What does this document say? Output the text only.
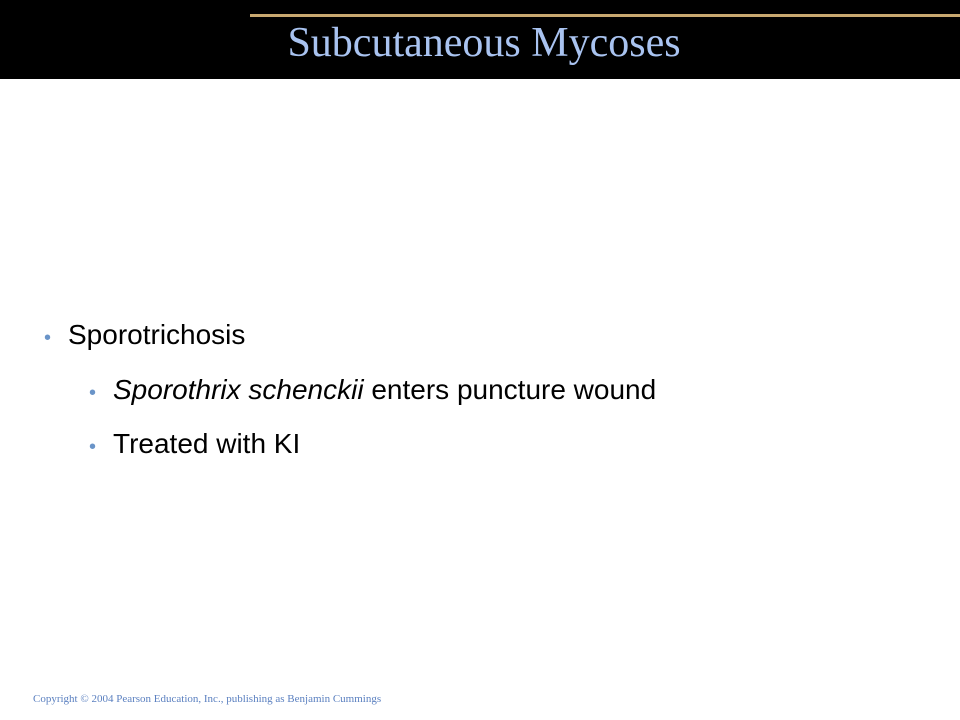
Subcutaneous Mycoses
• Sporotrichosis
• Sporothrix schenckii enters puncture wound
• Treated with KI
Copyright © 2004 Pearson Education, Inc., publishing as Benjamin Cummings
